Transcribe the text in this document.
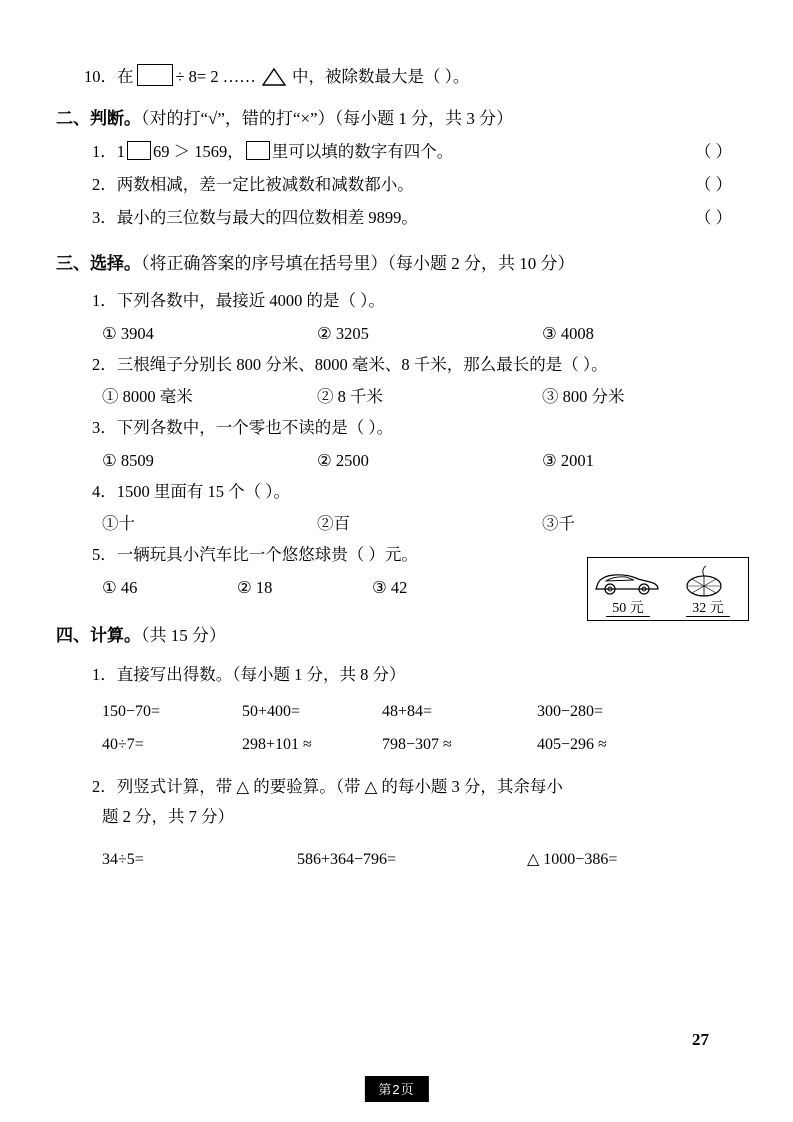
10．在	÷ 8= 2 …… 中，被除数最大是（ ）。
二、判断。（对的打“√”，错的打“×”）（每小题 1 分，共 3 分）
1．1 69 ＞ 1569， 里可以填的数字有四个。	（ ）
2．两数相减，差一定比被减数和减数都小。	（ ）
3．最小的三位数与最大的四位数相差 9899。	（ ）
三、选择。（将正确答案的序号填在括号里）（每小题 2 分，共 10 分）
1．下列各数中，最接近 4000 的是（ ）。
① 3904	② 3205	③ 4008
2．三根绳子分别长 800 分米、8000 毫米、8 千米，那么最长的是（ ）。
① 8000 毫米	② 8 千米	③ 800 分米
3．下列各数中，一个零也不读的是（ ）。
① 8509	② 2500	③ 2001
4．1500 里面有 15 个（ ）。
①十	②百	③千
5．一辆玩具小汽车比一个悠悠球贵（ ）元。
① 46	② 18	③ 42
四、计算。（共 15 分）
1．直接写出得数。（每小题 1 分，共 8 分）
150−70=	50+400=	48+84=	300−280=
40÷7=	298+101 ≈	798−307 ≈	405−296 ≈
2．列竖式计算，带 △ 的要验算。（带 △ 的每小题 3 分，其余每小
题 2 分，共 7 分）
34÷5=	586+364−796=	△ 1000−386=
50 元	32 元
27
第2页
